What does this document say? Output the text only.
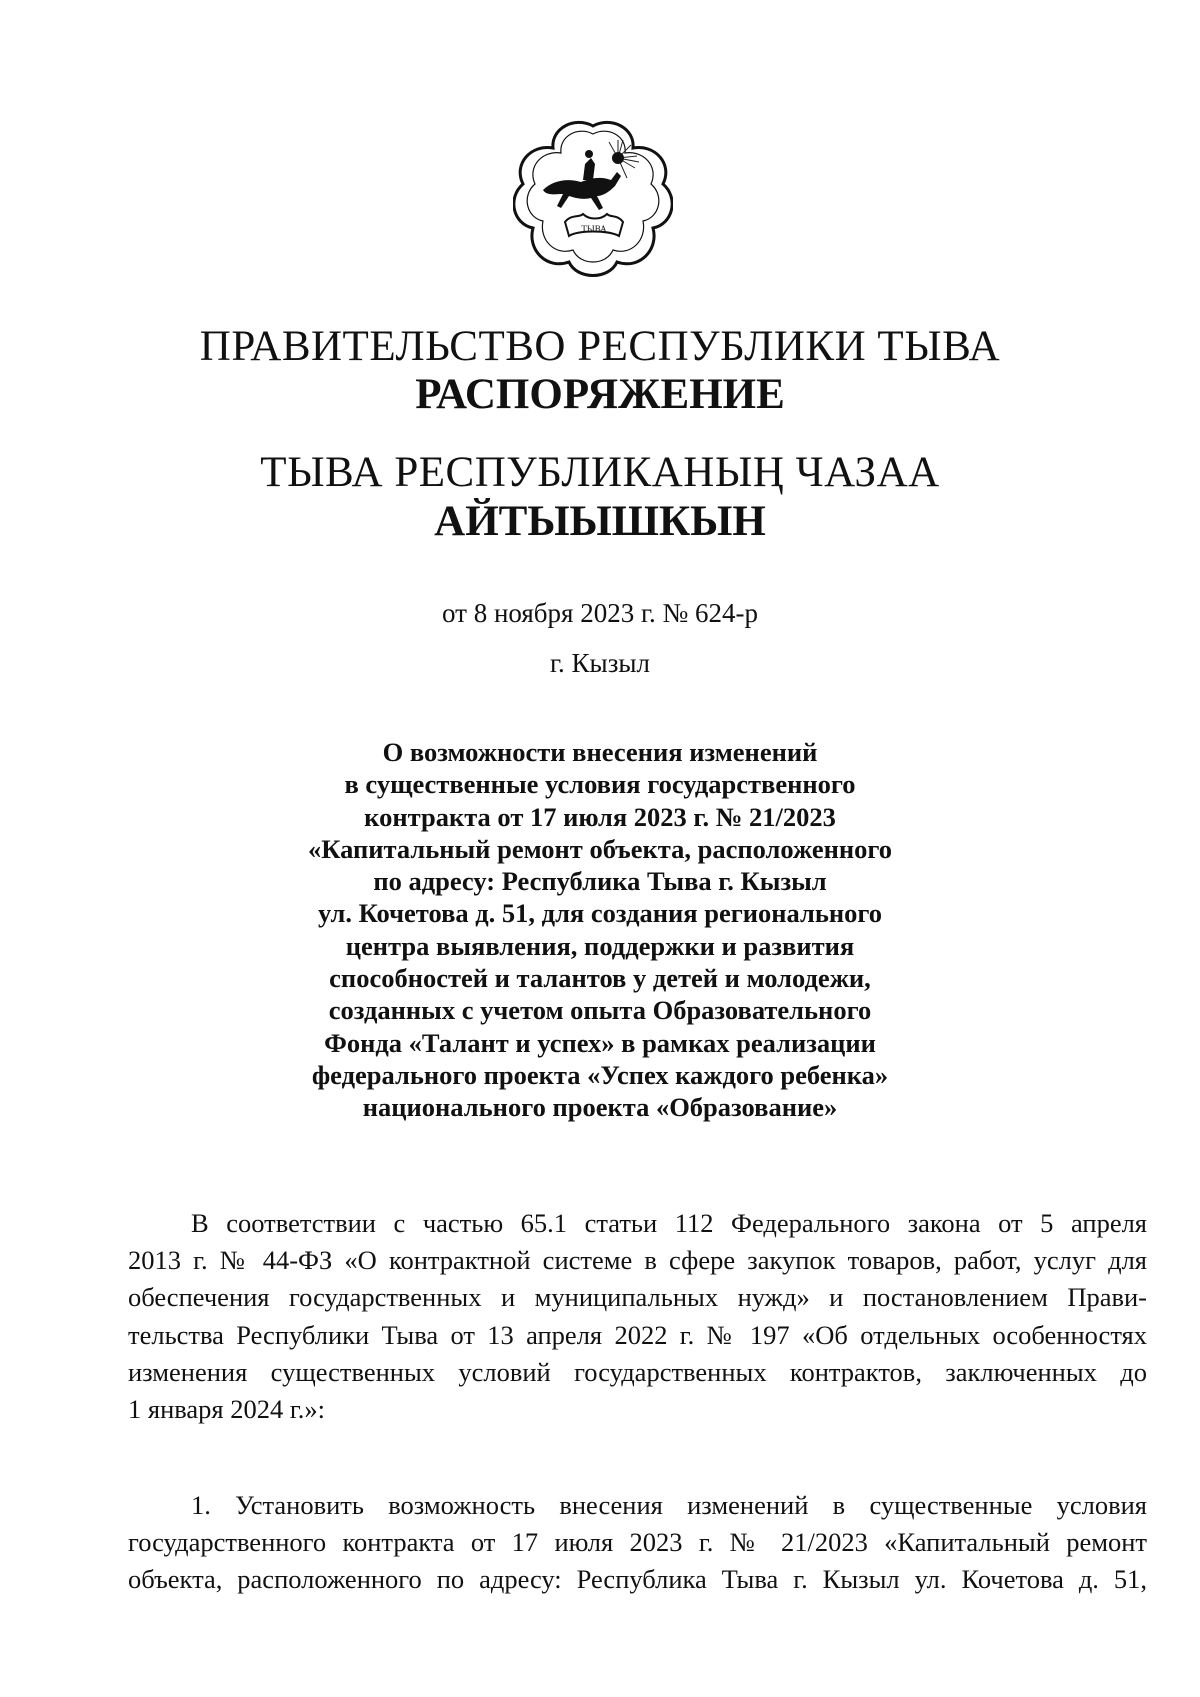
ТЫВА
ПРАВИТЕЛЬСТВО РЕСПУБЛИКИ ТЫВА
РАСПОРЯЖЕНИЕ
ТЫВА РЕСПУБЛИКАНЫҢ ЧАЗАА
АЙТЫЫШКЫН
от 8 ноября 2023 г. № 624-р
г. Кызыл
О возможности внесения изменений
в существенные условия государственного
контракта от 17 июля 2023 г. № 21/2023
«Капитальный ремонт объекта, расположенного
по адресу: Республика Тыва г. Кызыл
ул. Кочетова д. 51, для создания регионального
центра выявления, поддержки и развития
способностей и талантов у детей и молодежи,
созданных с учетом опыта Образовательного
Фонда «Талант и успех» в рамках реализации
федерального проекта «Успех каждого ребенка»
национального проекта «Образование»
В соответствии с частью 65.1 статьи 112 Федерального закона от 5 апреля
2013 г. № 44-ФЗ «О контрактной системе в сфере закупок товаров, работ, услуг для
обеспечения государственных и муниципальных нужд» и постановлением Прави-
тельства Республики Тыва от 13 апреля 2022 г. № 197 «Об отдельных особенностях
изменения существенных условий государственных контрактов, заключенных до
1 января 2024 г.»:
1. Установить возможность внесения изменений в существенные условия
государственного контракта от 17 июля 2023 г. № 21/2023 «Капитальный ремонт
объекта, расположенного по адресу: Республика Тыва г. Кызыл ул. Кочетова д. 51,
